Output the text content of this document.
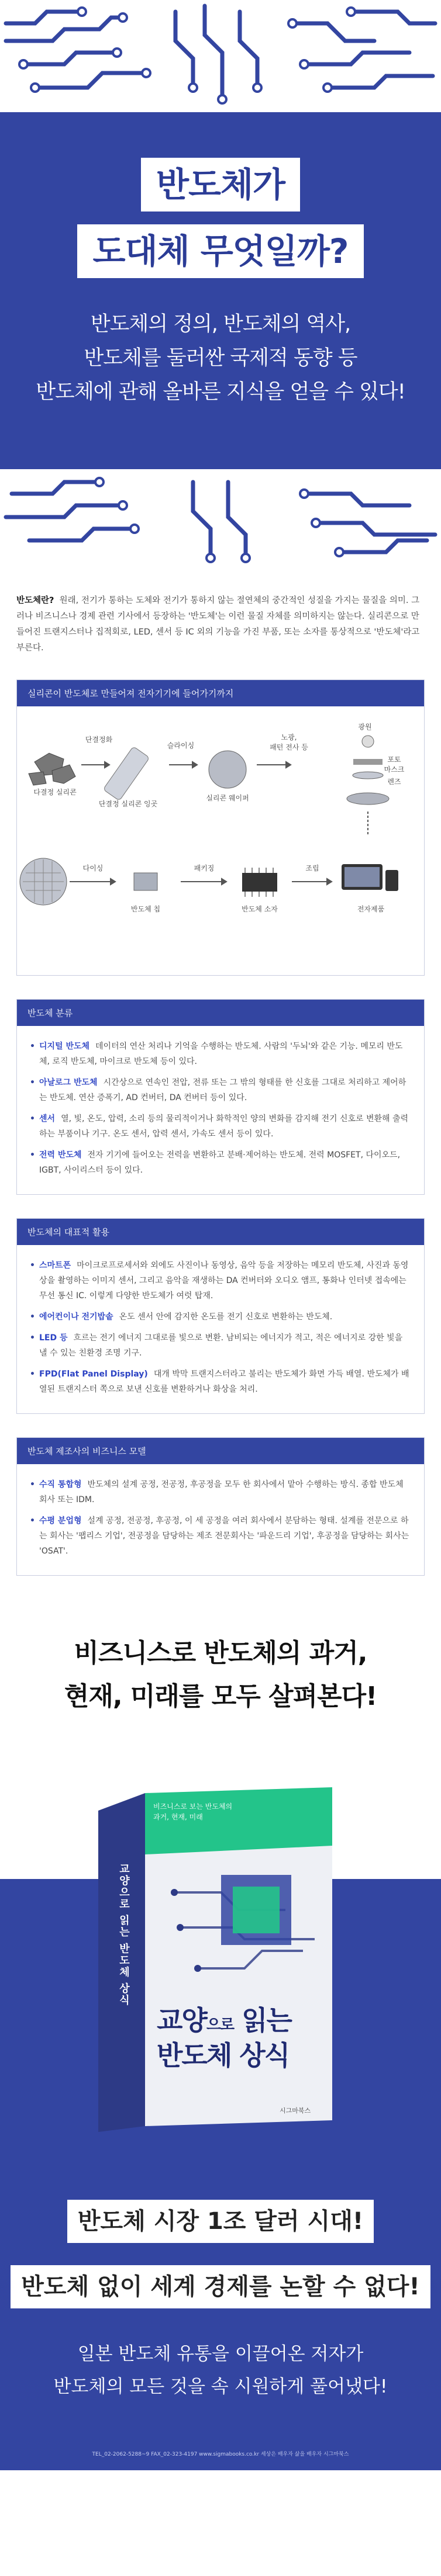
반도체가
도대체 무엇일까?

반도체의 정의, 반도체의 역사,

반도체를 둘러싼 국제적 동향 등

반도체에 관해 올바른 지식을 얻을 수 있다!

반도체란? 원래, 전기가 통하는 도체와 전기가 통하지 않는 절연체의 중간적인 성질을 가지는 물질을 의미. 그러나 비즈니스나 경제 관련 기사에서 등장하는 '반도체'는 이런 물질 자체를 의미하지는 않는다. 실리콘으로 만들어진 트랜지스터나 집적회로, LED, 센서 등 IC 외의 기능을 가진 부품, 또는 소자를 통상적으로 '반도체'라고 부른다.

실리콘이 반도체로 만들어져 전자기기에 들어가기까지
다결정 실리콘
단결정화
단결정 실리콘 잉곳
슬라이싱
실리콘 웨이퍼
노광,
패턴 전사 등
광원
포토
마스크
렌즈
다이싱
반도체 칩
패키징
반도체 소자
조립
전자제품
반도체 분류
• 디지털 반도체 데이터의 연산 처리나 기억을 수행하는 반도체. 사람의 '두뇌'와 같은 기능. 메모리 반도체, 로직 반도체, 마이크로 반도체 등이 있다.
• 아날로그 반도체 시간상으로 연속인 전압, 전류 또는 그 밖의 형태를 한 신호를 그대로 처리하고 제어하는 반도체. 연산 증폭기, AD 컨버터, DA 컨버터 등이 있다.
• 센서 열, 빛, 온도, 압력, 소리 등의 물리적이거나 화학적인 양의 변화를 감지해 전기 신호로 변환해 출력하는 부품이나 기구. 온도 센서, 압력 센서, 가속도 센서 등이 있다.
• 전력 반도체 전자 기기에 들어오는 전력을 변환하고 분배·제어하는 반도체. 전력 MOSFET, 다이오드, IGBT, 사이리스터 등이 있다.
반도체의 대표적 활용
• 스마트폰 마이크로프로세서와 외에도 사진이나 동영상, 음악 등을 저장하는 메모리 반도체, 사진과 동영상을 촬영하는 이미지 센서, 그리고 음악을 재생하는 DA 컨버터와 오디오 앰프, 통화나 인터넷 접속에는 무선 통신 IC. 이렇게 다양한 반도체가 여럿 탑재.
• 에어컨이나 전기밥솥 온도 센서 안에 감지한 온도를 전기 신호로 변환하는 반도체.
• LED 등 흐르는 전기 에너지 그대로를 빛으로 변환. 남비되는 에너지가 적고, 적은 에너지로 강한 빛을 낼 수 있는 친환경 조명 기구.
• FPD(Flat Panel Display) 대개 박막 트랜지스터라고 불리는 반도체가 화면 가득 배열. 반도체가 배열된 트랜지스터 쪽으로 보낸 신호를 변환하거나 화상을 처리.
반도체 제조사의 비즈니스 모델
• 수직 통합형 반도체의 설계 공정, 전공정, 후공정을 모두 한 회사에서 맡아 수행하는 방식. 종합 반도체 회사 또는 IDM.
• 수평 분업형 설계 공정, 전공정, 후공정, 이 세 공정을 여러 회사에서 분담하는 형태. 설계를 전문으로 하는 회사는 '팹리스 기업', 전공정을 담당하는 제조 전문회사는 '파운드리 기업', 후공정을 담당하는 회사는 'OSAT'.
비즈니스로 반도체의 과거,
현재, 미래를 모두 살펴본다!
비즈니스로 보는 반도체의 과거, 현재, 미래
교양으로 읽는
반도체 상식
교양으로 읽는 반도체 상식
시그마북스
반도체 시장 1조 달러 시대!
반도체 없이 세계 경제를 논할 수 없다!

일본 반도체 유통을 이끌어온 저자가

반도체의 모든 것을 속 시원하게 풀어냈다!

TEL_02-2062-5288~9 FAX_02-323-4197 www.sigmabooks.co.kr 세상은 배우자 삶을 배우자 시그마북스
